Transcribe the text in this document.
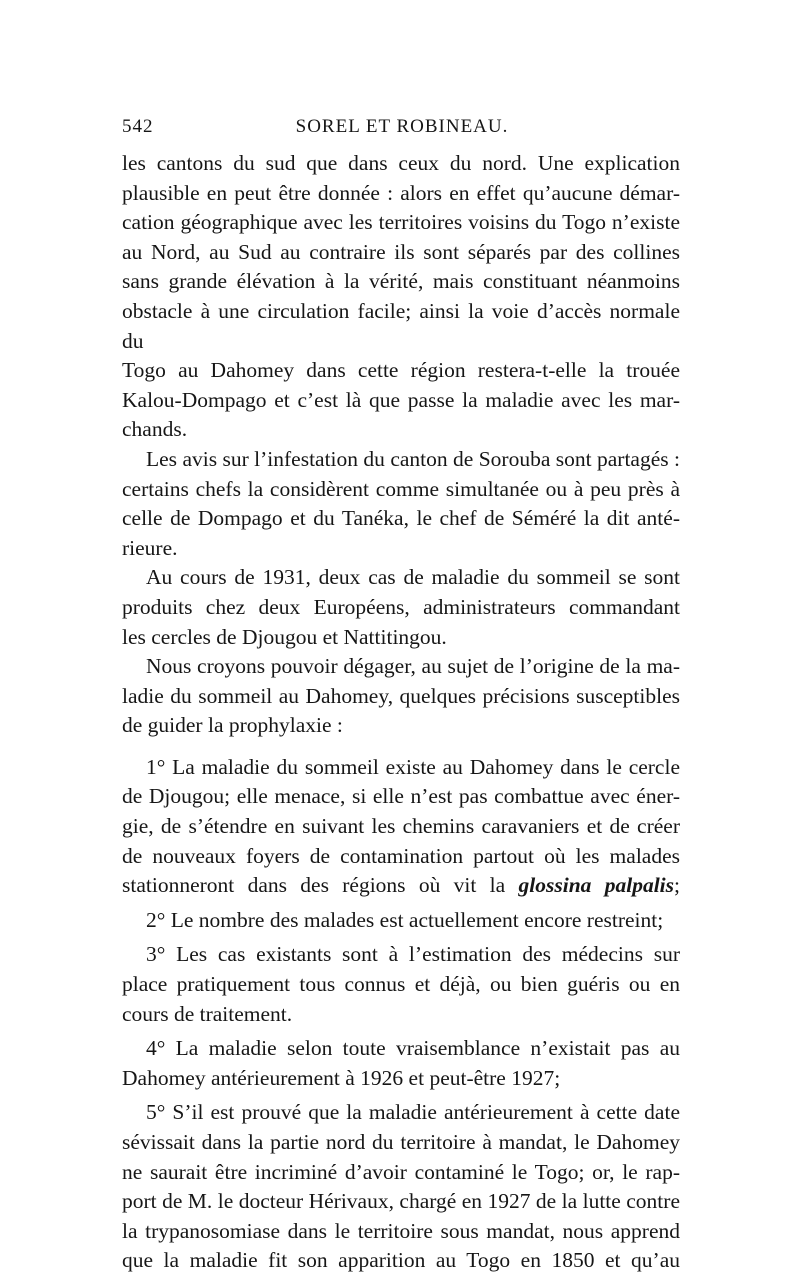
542	SOREL ET ROBINEAU.

les cantons du sud que dans ceux du nord. Une explication

plausible en peut être donnée : alors en effet qu’aucune démar-

cation géographique avec les territoires voisins du Togo n’existe

au Nord, au Sud au contraire ils sont séparés par des collines

sans grande élévation à la vérité, mais constituant néanmoins

obstacle à une circulation facile; ainsi la voie d’accès normale du

Togo au Dahomey dans cette région restera-t-elle la trouée

Kalou-Dompago et c’est là que passe la maladie avec les mar-

chands.

Les avis sur l’infestation du canton de Sorouba sont partagés :

certains chefs la considèrent comme simultanée ou à peu près à

celle de Dompago et du Tanéka, le chef de Séméré la dit anté-

rieure.

Au cours de 1931, deux cas de maladie du sommeil se sont

produits chez deux Européens, administrateurs commandant

les cercles de Djougou et Nattitingou.

Nous croyons pouvoir dégager, au sujet de l’origine de la ma-

ladie du sommeil au Dahomey, quelques précisions susceptibles

de guider la prophylaxie :

1° La maladie du sommeil existe au Dahomey dans le cercle

de Djougou; elle menace, si elle n’est pas combattue avec éner-

gie, de s’étendre en suivant les chemins caravaniers et de créer

de nouveaux foyers de contamination partout où les malades

stationneront dans des régions où vit la glossina palpalis;

2° Le nombre des malades est actuellement encore restreint;

3° Les cas existants sont à l’estimation des médecins sur

place pratiquement tous connus et déjà, ou bien guéris ou en

cours de traitement.

4° La maladie selon toute vraisemblance n’existait pas au

Dahomey antérieurement à 1926 et peut-être 1927;

5° S’il est prouvé que la maladie antérieurement à cette date

sévissait dans la partie nord du territoire à mandat, le Dahomey

ne saurait être incriminé d’avoir contaminé le Togo; or, le rap-

port de M. le docteur Hérivaux, chargé en 1927 de la lutte contre

la trypanosomiase dans le territoire sous mandat, nous apprend

que la maladie fit son apparition au Togo en 1850 et qu’au
